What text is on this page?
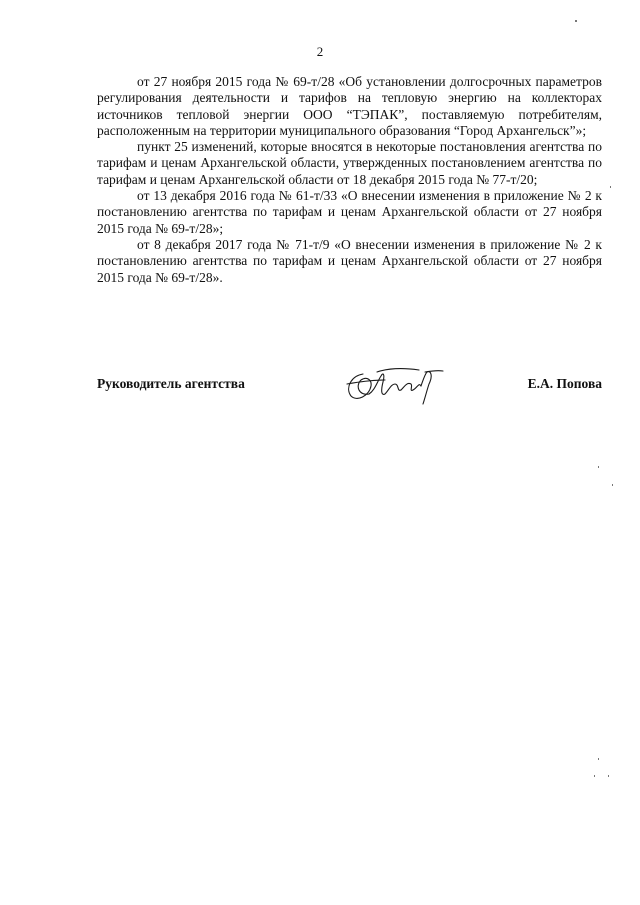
2

от 27 ноября 2015 года № 69-т/28 «Об установлении долгосрочных параметров регулирования деятельности и тарифов на тепловую энергию на коллекторах источников тепловой энергии ООО “ТЭПАК”, поставляемую потребителям, расположенным на территории муниципального образования “Город Архангельск”»;

пункт 25 изменений, которые вносятся в некоторые постановления агентства по тарифам и ценам Архангельской области, утвержденных постановлением агентства по тарифам и ценам Архангельской области от 18 декабря 2015 года № 77-т/20;

от 13 декабря 2016 года № 61-т/33 «О внесении изменения в приложение № 2 к постановлению агентства по тарифам и ценам Архангельской области от 27 ноября 2015 года № 69-т/28»;

от 8 декабря 2017 года № 71-т/9 «О внесении изменения в приложение № 2 к постановлению агентства по тарифам и ценам Архангельской области от 27 ноября 2015 года № 69-т/28».

Руководитель агентства	Е.А. Попова
